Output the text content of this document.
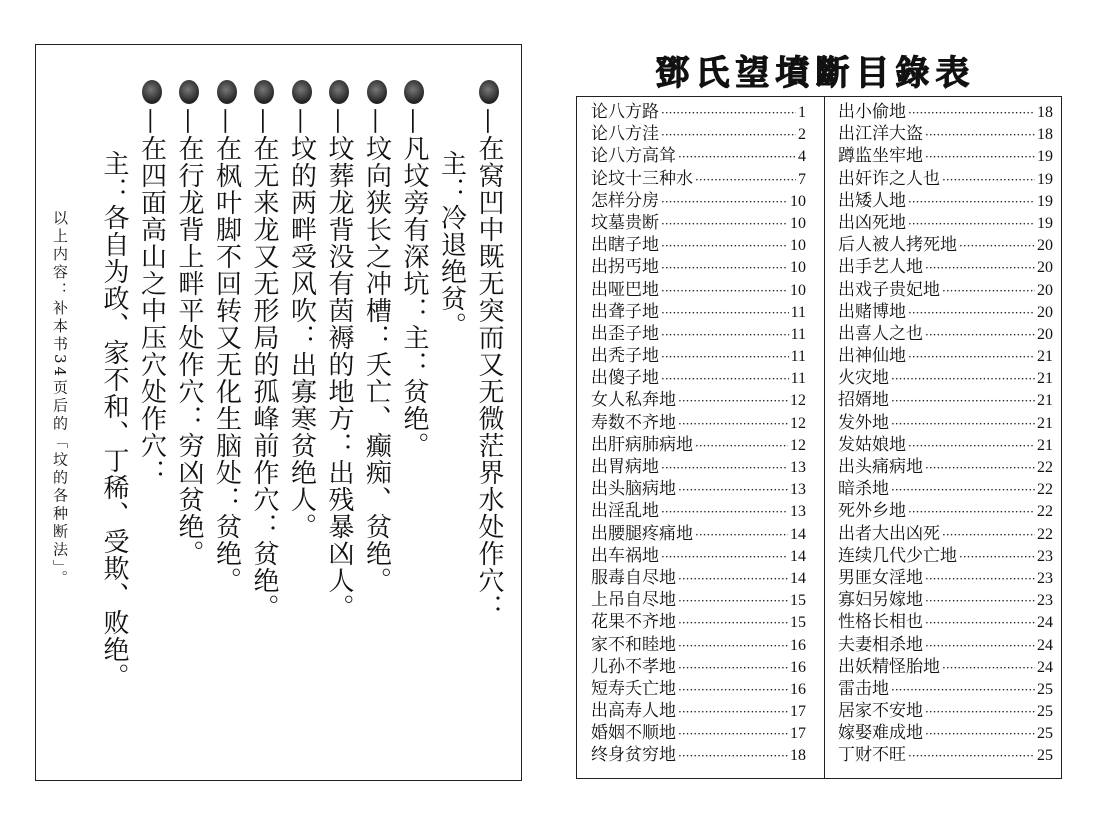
—在窝凹中既无突而又无微茫界水处作穴：
主：冷退绝贫。
—凡坟旁有深坑：主：贫绝。
—坟向狭长之冲槽：夭亡、癫痴、贫绝。
—坟葬龙背没有茵褥的地方：出残暴凶人。
—坟的两畔受风吹：出寡寒贫绝人。
—在无来龙又无形局的孤峰前作穴：贫绝。
—在枫叶脚不回转又无化生脑处：贫绝。
—在行龙背上畔平处作穴：穷凶贫绝。
—在四面高山之中压穴处作穴：
主：各自为政、家不和、丁稀、受欺、败绝。
以上内容：补本书34页后的「坟的各种断法」。
鄧氏望墳斷目錄表
论八方路 ·····	1
论八方洼 ·····	2
论八方高耸 ·····	4
论坟十三种水 ·····	7
怎样分房 ·····	10
坟墓贵断 ·····	10
出瞎子地 ·····	10
出拐丐地 ·····	10
出哑巴地 ·····	10
出聋子地 ·····	11
出歪子地 ·····	11
出秃子地 ·····	11
出傻子地 ·····	11
女人私奔地 ·····	12
寿数不齐地 ·····	12
出肝病肺病地 ·····	12
出胃病地 ·····	13
出头脑病地 ·····	13
出淫乱地 ·····	13
出腰腿疼痛地 ·····	14
出车祸地 ·····	14
服毒自尽地 ·····	14
上吊自尽地 ·····	15
花果不齐地 ·····	15
家不和睦地 ·····	16
儿孙不孝地 ·····	16
短寿夭亡地 ·····	16
出高寿人地 ·····	17
婚姻不顺地 ·····	17
终身贫穷地 ·····	18
出小偷地 ·····	18
出江洋大盗 ·····	18
蹲监坐牢地 ·····	19
出奸诈之人也 ·····	19
出矮人地 ·····	19
出凶死地 ·····	19
后人被人拷死地 ·····	20
出手艺人地 ·····	20
出戏子贵妃地 ·····	20
出赌博地 ·····	20
出喜人之也 ·····	20
出神仙地 ·····	21
火灾地 ·····	21
招婿地 ·····	21
发外地 ·····	21
发姑娘地 ·····	21
出头痛病地 ·····	22
暗杀地 ·····	22
死外乡地 ·····	22
出者大出凶死 ·····	22
连续几代少亡地 ·····	23
男匪女淫地 ·····	23
寡妇另嫁地 ·····	23
性格长相也 ·····	24
夫妻相杀地 ·····	24
出妖精怪胎地 ·····	24
雷击地 ·····	25
居家不安地 ·····	25
嫁娶难成地 ·····	25
丁财不旺 ·····	25
